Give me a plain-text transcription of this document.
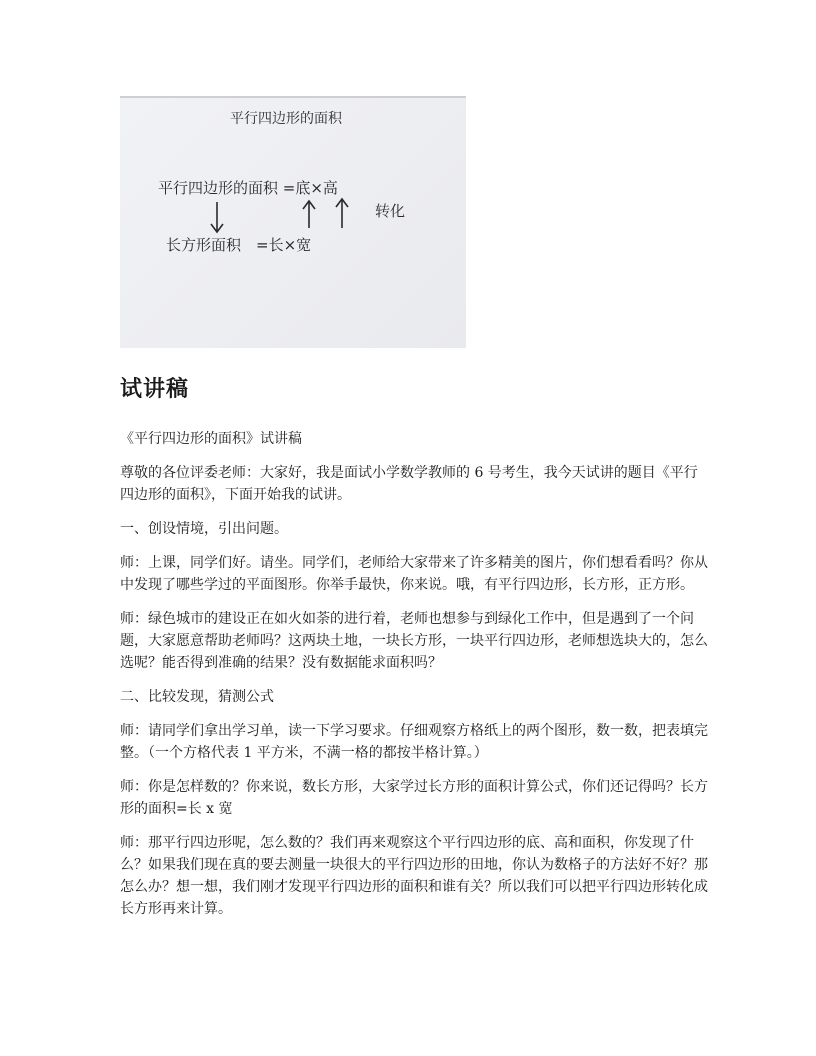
平行四边形的面积
平行四边形的面积 =底×高
长方形面积　=长×宽
转化
试讲稿

《平行四边形的面积》试讲稿

尊敬的各位评委老师：大家好，我是面试小学数学教师的 6 号考生，我今天试讲的题目《平行四边形的面积》，下面开始我的试讲。

一、创设情境，引出问题。

师：上课，同学们好。请坐。同学们，老师给大家带来了许多精美的图片，你们想看看吗？你从中发现了哪些学过的平面图形。你举手最快，你来说。哦，有平行四边形，长方形，正方形。

师：绿色城市的建设正在如火如荼的进行着，老师也想参与到绿化工作中，但是遇到了一个问题，大家愿意帮助老师吗？这两块土地，一块长方形，一块平行四边形，老师想选块大的，怎么选呢？能否得到准确的结果？没有数据能求面积吗？

二、比较发现，猜测公式

师：请同学们拿出学习单，读一下学习要求。仔细观察方格纸上的两个图形，数一数，把表填完整。（一个方格代表 1 平方米，不满一格的都按半格计算。）

师：你是怎样数的？你来说，数长方形，大家学过长方形的面积计算公式，你们还记得吗？长方形的面积=长 x 宽

师：那平行四边形呢，怎么数的？我们再来观察这个平行四边形的底、高和面积，你发现了什么？如果我们现在真的要去测量一块很大的平行四边形的田地，你认为数格子的方法好不好？那怎么办？想一想，我们刚才发现平行四边形的面积和谁有关？所以我们可以把平行四边形转化成长方形再来计算。
